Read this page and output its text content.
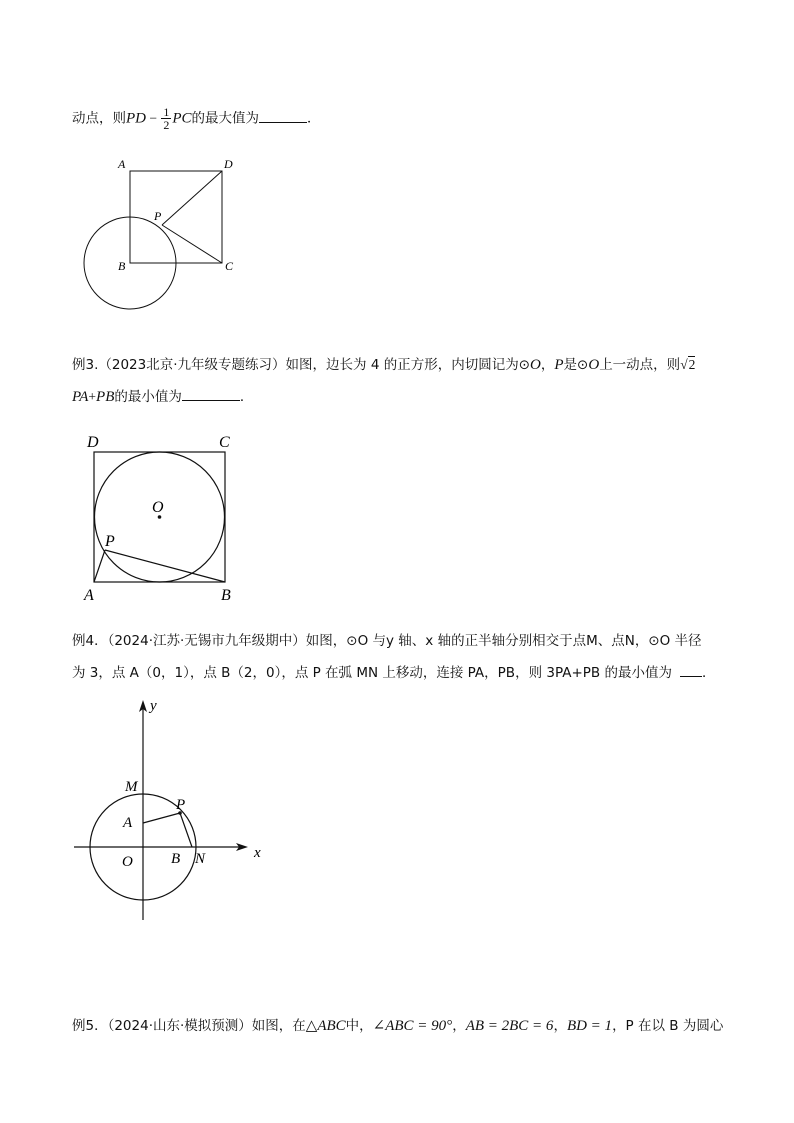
动点，则PD − $\frac{1}{2}$ PC的最大值为	．
A	D
P
B	C
例3.（2023北京·九年级专题练习）如图，边长为 4 的正方形，内切圆记为⊙O，P是⊙O上一动点，则√2
PA+PB的最小值为	．
D	C
O
P
A	B
例4．（2024·江苏·无锡市九年级期中）如图，⊙O 与y 轴、x 轴的正半轴分别相交于点M、点N，⊙O 半径
为 3，点 A（0，1），点 B（2，0），点 P 在弧 MN 上移动，连接 PA，PB，则 3PA+PB 的最小值为 ．
y
x
M
P
A
O	B N
例5．（2024·山东·模拟预测）如图，在△ABC中，∠ABC = 90°，AB = 2BC = 6，BD = 1，P 在以 B 为圆心
